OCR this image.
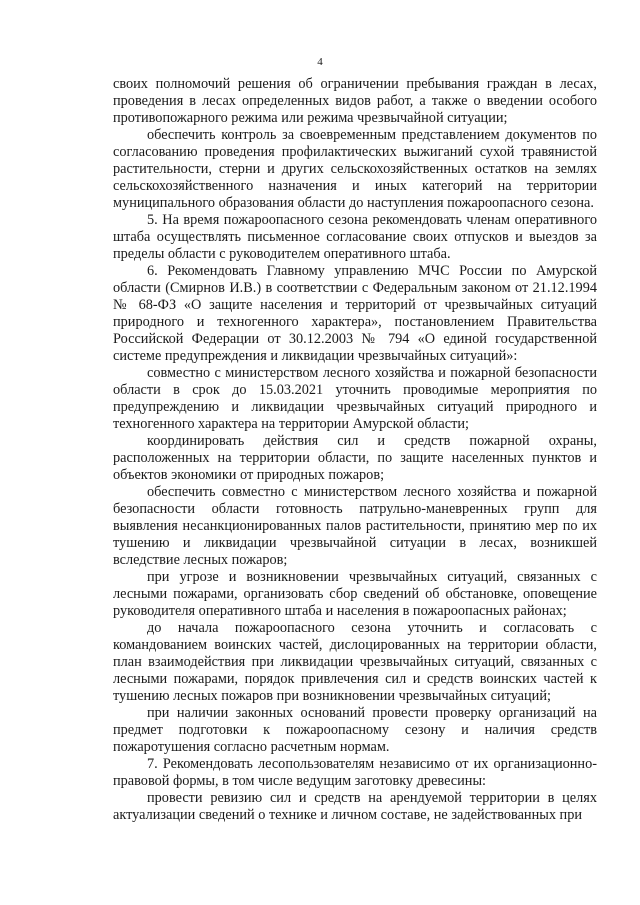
4

своих полномочий решения об ограничении пребывания граждан в лесах, проведения в лесах определенных видов работ, а также о введении особого противопожарного режима или режима чрезвычайной ситуации;

обеспечить контроль за своевременным представлением документов по согласованию проведения профилактических выжиганий сухой травянистой растительности, стерни и других сельскохозяйственных остатков на землях сельскохозяйственного назначения и иных категорий на территории муниципального образования области до наступления пожароопасного сезона.

5. На время пожароопасного сезона рекомендовать членам оперативного штаба осуществлять письменное согласование своих отпусков и выездов за пределы области с руководителем оперативного штаба.

6. Рекомендовать Главному управлению МЧС России по Амурской области (Смирнов И.В.) в соответствии с Федеральным законом от 21.12.1994 № 68-ФЗ «О защите населения и территорий от чрезвычайных ситуаций природного и техногенного характера», постановлением Правительства Российской Федерации от 30.12.2003 № 794 «О единой государственной системе предупреждения и ликвидации чрезвычайных ситуаций»:

совместно с министерством лесного хозяйства и пожарной безопасности области в срок до 15.03.2021 уточнить проводимые мероприятия по предупреждению и ликвидации чрезвычайных ситуаций природного и техногенного характера на территории Амурской области;

координировать действия сил и средств пожарной охраны, расположенных на территории области, по защите населенных пунктов и объектов экономики от природных пожаров;

обеспечить совместно с министерством лесного хозяйства и пожарной безопасности области готовность патрульно-маневренных групп для выявления несанкционированных палов растительности, принятию мер по их тушению и ликвидации чрезвычайной ситуации в лесах, возникшей вследствие лесных пожаров;

при угрозе и возникновении чрезвычайных ситуаций, связанных с лесными пожарами, организовать сбор сведений об обстановке, оповещение руководителя оперативного штаба и населения в пожароопасных районах;

до начала пожароопасного сезона уточнить и согласовать с командованием воинских частей, дислоцированных на территории области, план взаимодействия при ликвидации чрезвычайных ситуаций, связанных с лесными пожарами, порядок привлечения сил и средств воинских частей к тушению лесных пожаров при возникновении чрезвычайных ситуаций;

при наличии законных оснований провести проверку организаций на предмет подготовки к пожароопасному сезону и наличия средств пожаротушения согласно расчетным нормам.

7. Рекомендовать лесопользователям независимо от их организационно-правовой формы, в том числе ведущим заготовку древесины:

провести ревизию сил и средств на арендуемой территории в целях актуализации сведений о технике и личном составе, не задействованных при
